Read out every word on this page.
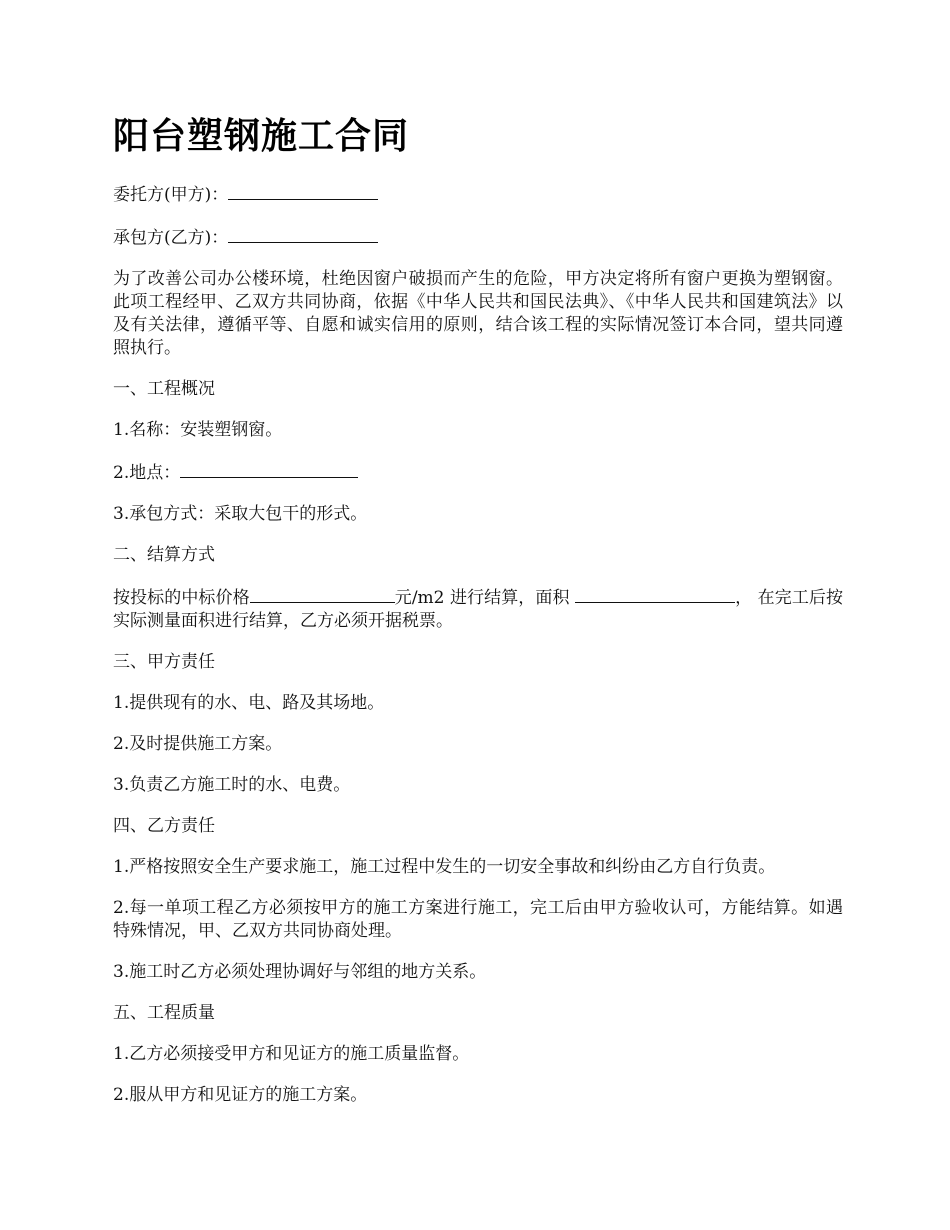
阳台塑钢施工合同
委托方(甲方)：
承包方(乙方)：

为了改善公司办公楼环境，杜绝因窗户破损而产生的危险，甲方决定将所有窗户更换为塑钢窗。此项工程经甲、乙双方共同协商，依据《中华人民共和国民法典》、《中华人民共和国建筑法》以及有关法律，遵循平等、自愿和诚实信用的原则，结合该工程的实际情况签订本合同，望共同遵照执行。

一、工程概况

1.名称：安装塑钢窗。

2.地点：

3.承包方式：采取大包干的形式。

二、结算方式

按投标的中标价格	元/m2 进行结算，面积	， 在完工后按实际测量面积进行结算，乙方必须开据税票。

三、甲方责任

1.提供现有的水、电、路及其场地。

2.及时提供施工方案。

3.负责乙方施工时的水、电费。

四、乙方责任

1.严格按照安全生产要求施工，施工过程中发生的一切安全事故和纠纷由乙方自行负责。

2.每一单项工程乙方必须按甲方的施工方案进行施工，完工后由甲方验收认可，方能结算。如遇特殊情况，甲、乙双方共同协商处理。

3.施工时乙方必须处理协调好与邻组的地方关系。

五、工程质量

1.乙方必须接受甲方和见证方的施工质量监督。

2.服从甲方和见证方的施工方案。
